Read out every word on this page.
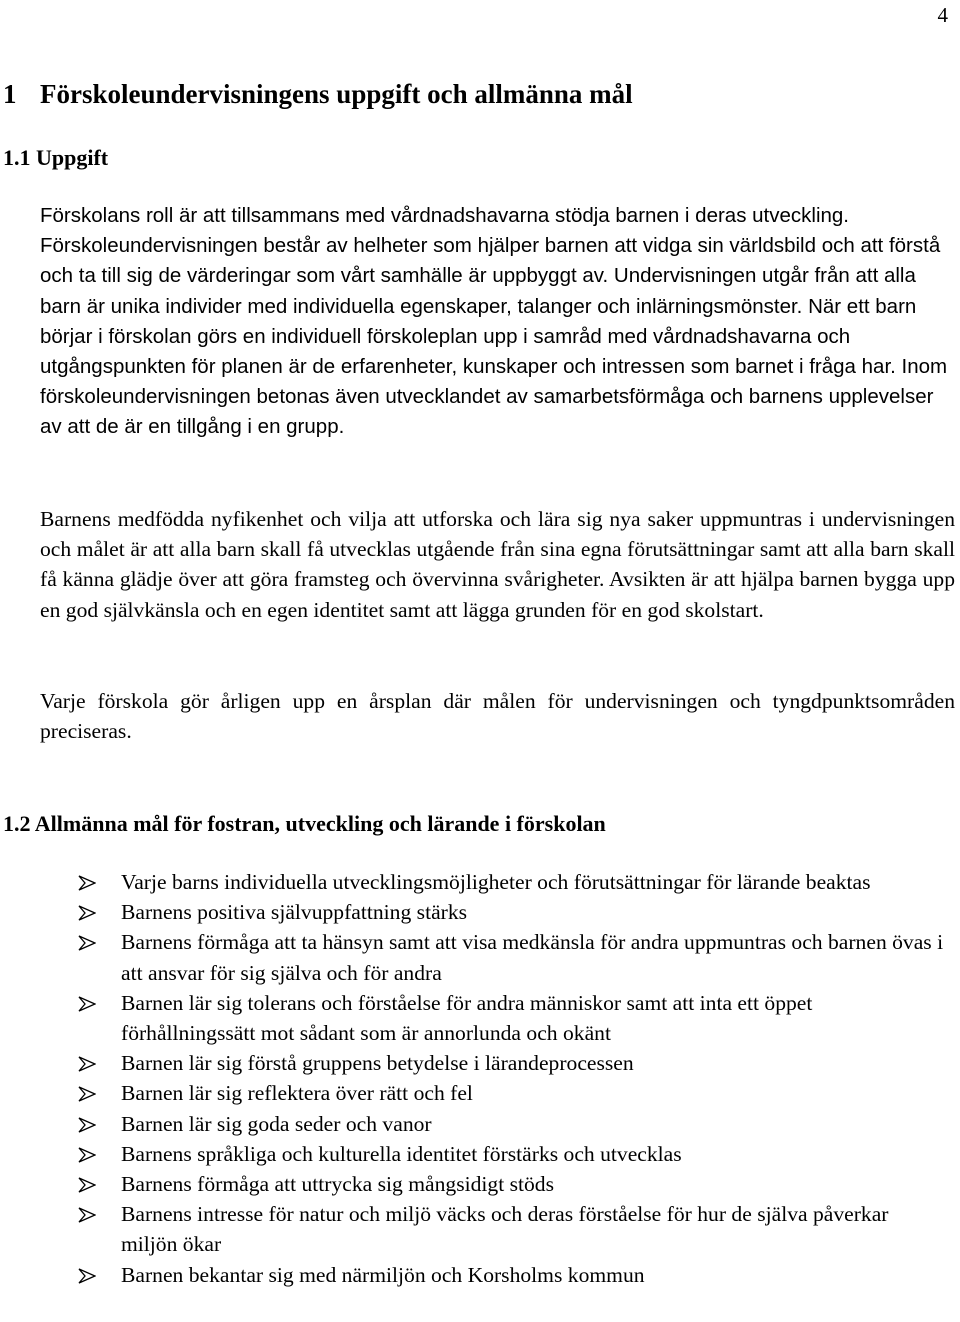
4
1 Förskoleundervisningens uppgift och allmänna mål
1.1 Uppgift

Förskolans roll är att tillsammans med vårdnadshavarna stödja barnen i deras utveckling. Förskoleundervisningen består av helheter som hjälper barnen att vidga sin världsbild och att förstå och ta till sig de värderingar som vårt samhälle är uppbyggt av. Undervisningen utgår från att alla barn är unika individer med individuella egenskaper, talanger och inlärningsmönster. När ett barn börjar i förskolan görs en individuell förskoleplan upp i samråd med vårdnadshavarna och utgångspunkten för planen är de erfarenheter, kunskaper och intressen som barnet i fråga har. Inom förskoleundervisningen betonas även utvecklandet av samarbetsförmåga och barnens upplevelser av att de är en tillgång i en grupp.

Barnens medfödda nyfikenhet och vilja att utforska och lära sig nya saker uppmuntras i undervisningen och målet är att alla barn skall få utvecklas utgående från sina egna förutsättningar samt att alla barn skall få känna glädje över att göra framsteg och övervinna svårigheter. Avsikten är att hjälpa barnen bygga upp en god självkänsla och en egen identitet samt att lägga grunden för en god skolstart.

Varje förskola gör årligen upp en årsplan där målen för undervisningen och tyngdpunktsområden preciseras.

1.2 Allmänna mål för fostran, utveckling och lärande i förskolan
Varje barns individuella utvecklingsmöjligheter och förutsättningar för lärande beaktas
Barnens positiva självuppfattning stärks
Barnens förmåga att ta hänsyn samt att visa medkänsla för andra uppmuntras och barnen övas i att ansvar för sig själva och för andra
Barnen lär sig tolerans och förståelse för andra människor samt att inta ett öppet förhållningssätt mot sådant som är annorlunda och okänt
Barnen lär sig förstå gruppens betydelse i lärandeprocessen
Barnen lär sig reflektera över rätt och fel
Barnen lär sig goda seder och vanor
Barnens språkliga och kulturella identitet förstärks och utvecklas
Barnens förmåga att uttrycka sig mångsidigt stöds
Barnens intresse för natur och miljö väcks och deras förståelse för hur de själva påverkar miljön ökar
Barnen bekantar sig med närmiljön och Korsholms kommun
